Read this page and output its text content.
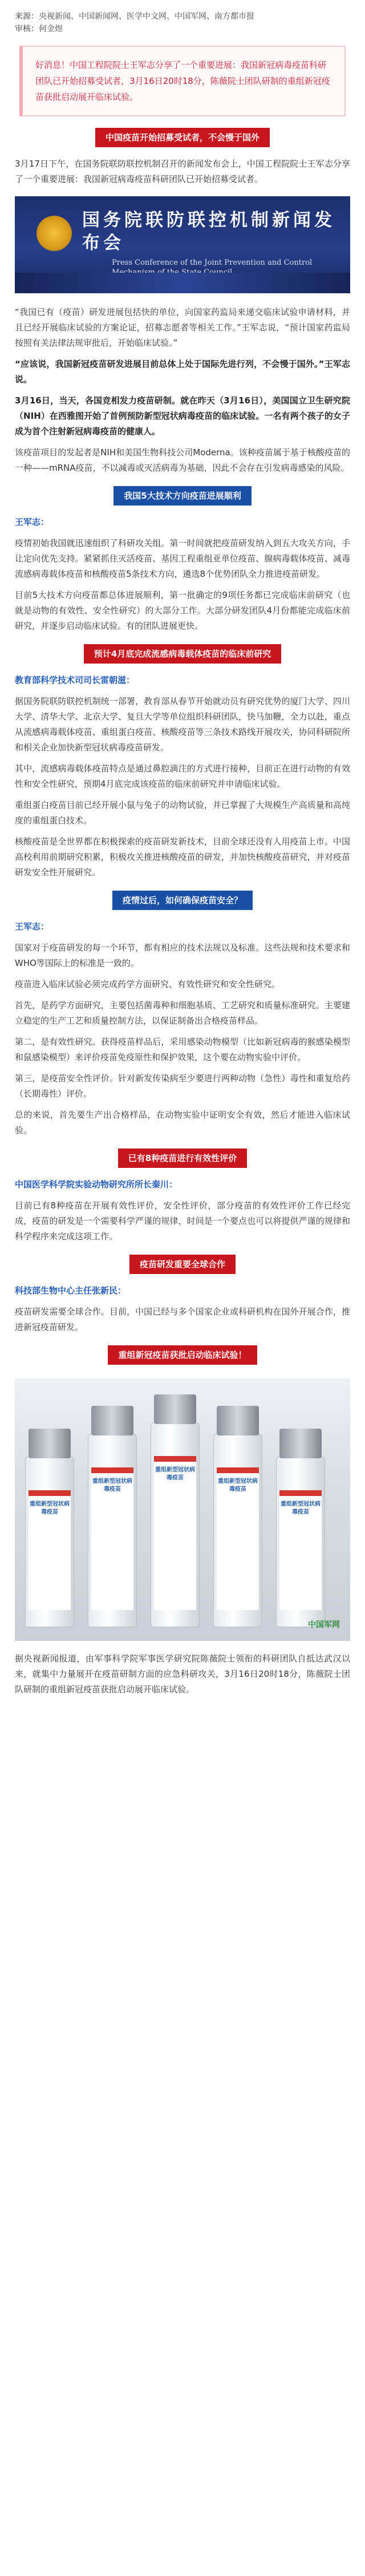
来源：央视新闻、中国新闻网、医学中文网、中国军网、南方都市报
审核：何金煜
好消息！中国工程院院士王军志分享了一个重要进展：我国新冠病毒疫苗科研团队已开始招募受试者，3月16日20时18分，陈薇院士团队研制的重组新冠疫苗获批启动展开临床试验。
中国疫苗开始招募受试者，不会慢于国外

3月17日下午，在国务院联防联控机制召开的新闻发布会上，中国工程院院士王军志分享了一个重要进展：我国新冠病毒疫苗科研团队已开始招募受试者。

国务院联防联控机制新闻发布会
Press Conference of the Joint Prevention and Control

“我国已有（疫苗）研发进展包括快的单位，向国家药监局来递交临床试验申请材料，并且已经开展临床试验的方案论证，招募志愿者等相关工作。”王军志说，“预计国家药监局按照有关法律法规审批后，开始临床试验。”

“应该说，我国新冠疫苗研发进展目前总体上处于国际先进行列，不会慢于国外。”王军志说。

3月16日，当天，各国竞相发力疫苗研制。就在昨天（3月16日），美国国立卫生研究院（NIH）在西雅图开始了首例预防新型冠状病毒疫苗的临床试验。一名有两个孩子的女子成为首个注射新冠病毒疫苗的健康人。

该疫苗项目的发起者是NIH和美国生物科技公司Moderna。该种疫苗属于基于核酸疫苗的一种——mRNA疫苗，不以减毒或灭活病毒为基础，因此不会存在引发病毒感染的风险。

我国5大技术方向疫苗进展顺利

王军志：

疫情初始我国就迅速组织了科研攻关组。第一时间就把疫苗研发纳入到五大攻关方向，手让定向优先支持。紧紧抓住灭活疫苗、基因工程重组亚单位疫苗、腺病毒载体疫苗、减毒流感病毒载体疫苗和核酸疫苗5条技术方向，遴选8个优势团队全力推进疫苗研发。

目前5大技术方向疫苗都总体进展顺利，第一批确定的9项任务都已完成临床前研究（也就是动物的有效性、安全性研究）的大部分工作。大部分研发团队4月份都能完成临床前研究，并逐步启动临床试验。有的团队进展更快。

预计4月底完成流感病毒载体疫苗的临床前研究

教育部科学技术司司长雷朝滋：

据国务院联防联控机制统一部署，教育部从春节开始就动员有研究优势的厦门大学、四川大学、清华大学、北京大学、复旦大学等单位组织科研团队，快马加鞭，全力以赴，重点从流感病毒载体疫苗、重组蛋白疫苗、核酸疫苗等三条技术路线开展攻关，协同科研院所和相关企业加快新型冠状病毒疫苗研发。

其中，流感病毒载体疫苗特点是通过鼻腔滴注的方式进行接种，目前正在进行动物的有效性和安全性研究，预期4月底完成该疫苗的临床前研究并申请临床试验。

重组蛋白疫苗目前已经开展小鼠与兔子的动物试验，并已掌握了大规模生产高质量和高纯度的重组蛋白技术。

核酸疫苗是全世界都在积极探索的疫苗研发新技术，目前全球还没有人用疫苗上市。中国高校利用前期研究积累，积极攻关推进核酸疫苗的研发，并加快核酸疫苗研究，并对疫苗研发安全性开展研究。

疫情过后，如何确保疫苗安全？

王军志：

国家对于疫苗研发的每一个环节，都有相应的技术法规以及标准。这些法规和技术要求和WHO等国际上的标准是一致的。

疫苗进入临床试验必须完成药学方面研究、有效性研究和安全性研究。

首先，是药学方面研究，主要包括菌毒种和细胞基质、工艺研究和质量标准研究。主要建立稳定的生产工艺和质量控制方法，以保证制备出合格疫苗样品。

第二，是有效性研究。获得疫苗样品后，采用感染动物模型（比如新冠病毒的猴感染模型和鼠感染模型）来评价疫苗免疫原性和保护效果，这个要在动物实验中评价。

第三，是疫苗安全性评价。针对新发传染病至少要进行两种动物（急性）毒性和重复给药（长期毒性）评价。

总的来说，首先要生产出合格样品，在动物实验中证明安全有效，然后才能进入临床试验。

已有8种疫苗进行有效性评价

中国医学科学院实验动物研究所所长秦川：

目前已有8种疫苗在开展有效性评价，安全性评价，部分疫苗的有效性评价工作已经完成，疫苗的研发是一个需要科学严谨的规律，时间是一个要点也可以将提供严谨的规律和科学程序来完成这项工作。

疫苗研发重要全球合作

科技部生物中心主任张新民：

疫苗研发需要全球合作。目前，中国已经与多个国家企业或科研机构在国外开展合作，推进新冠疫苗研发。

重组新冠疫苗获批启动临床试验！
重组新型冠状病毒疫苗
重组新型冠状病毒疫苗
重组新型冠状病毒疫苗
重组新型冠状病毒疫苗
重组新型冠状病毒疫苗
中国军网

据央视新闻报道，由军事科学院军事医学研究院陈薇院士领衔的科研团队自抵达武汉以来，就集中力量展开在疫苗研制方面的应急科研攻关，3月16日20时18分，陈薇院士团队研制的重组新冠疫苗获批启动展开临床试验。
